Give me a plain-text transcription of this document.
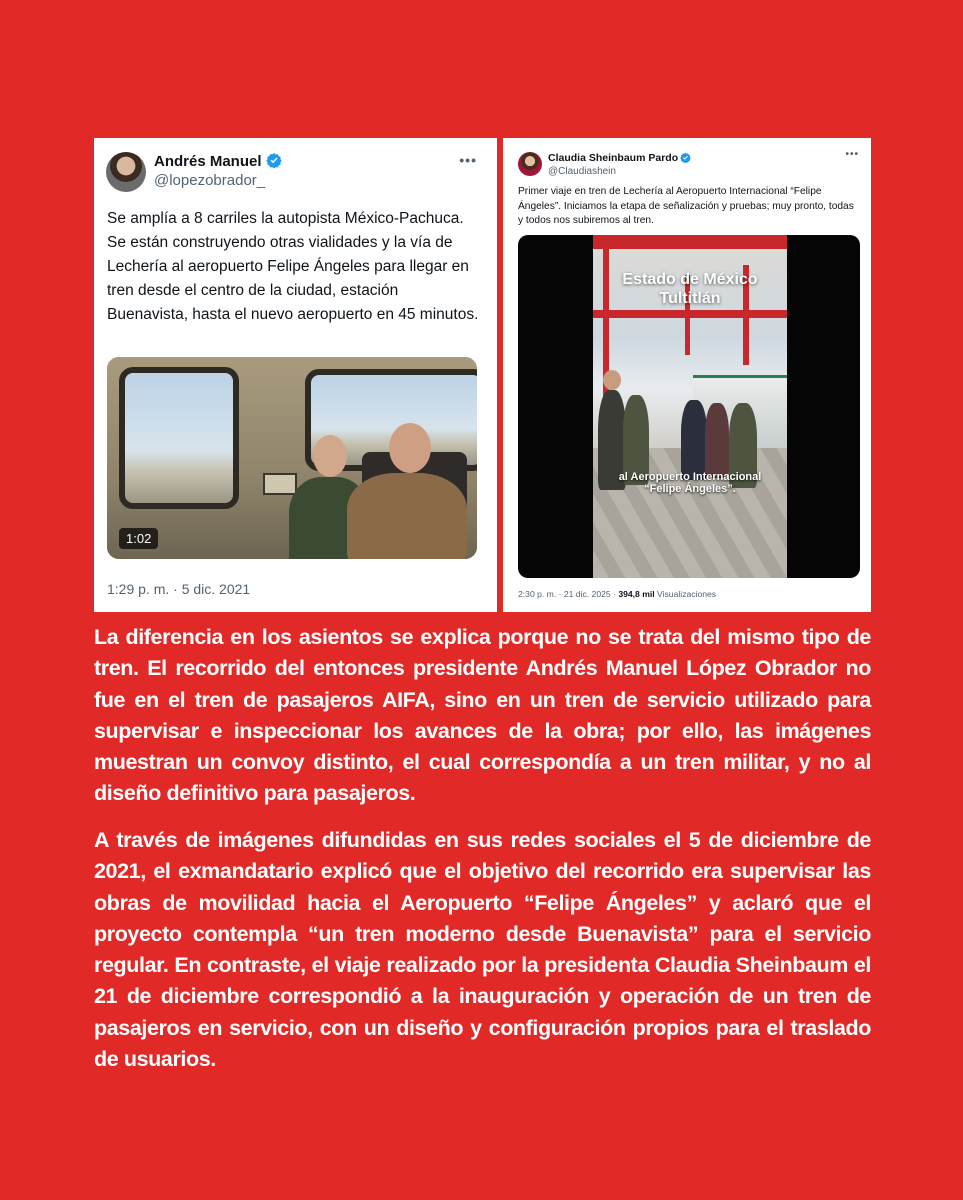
Andrés Manuel
@lopezobrador_
•••
Se amplía a 8 carriles la autopista México-Pachuca. Se están construyendo otras vialidades y la vía de Lechería al aeropuerto Felipe Ángeles para llegar en tren desde el centro de la ciudad, estación Buenavista, hasta el nuevo aeropuerto en 45 minutos.
1:02
1:29 p. m. · 5 dic. 2021
Claudia Sheinbaum Pardo
@Claudiashein
•••
Primer viaje en tren de Lechería al Aeropuerto Internacional “Felipe Ángeles”. Iniciamos la etapa de señalización y pruebas; muy pronto, todas y todos nos subiremos al tren.
Estado de México
Tultitlán
al Aeropuerto Internacional
“Felipe Ángeles”.
2:30 p. m. · 21 dic. 2025 · 394,8 mil Visualizaciones
La diferencia en los asientos se explica porque no se trata del mismo tipo de tren. El recorrido del entonces presidente Andrés Manuel López Obrador no fue en el tren de pasajeros AIFA, sino en un tren de servicio utilizado para supervisar e inspeccionar los avances de la obra; por ello, las imágenes muestran un convoy distinto, el cual correspondía a un tren militar, y no al diseño definitivo para pasajeros.
A través de imágenes difundidas en sus redes sociales el 5 de diciembre de 2021, el exmandatario explicó que el objetivo del recorrido era supervisar las obras de movilidad hacia el Aeropuerto “Felipe Ángeles” y aclaró que el proyecto contempla “un tren moderno desde Buenavista” para el servicio regular. En contraste, el viaje realizado por la presidenta Claudia Sheinbaum el 21 de diciembre correspondió a la inauguración y operación de un tren de pasajeros en servicio, con un diseño y configuración propios para el traslado de usuarios.
